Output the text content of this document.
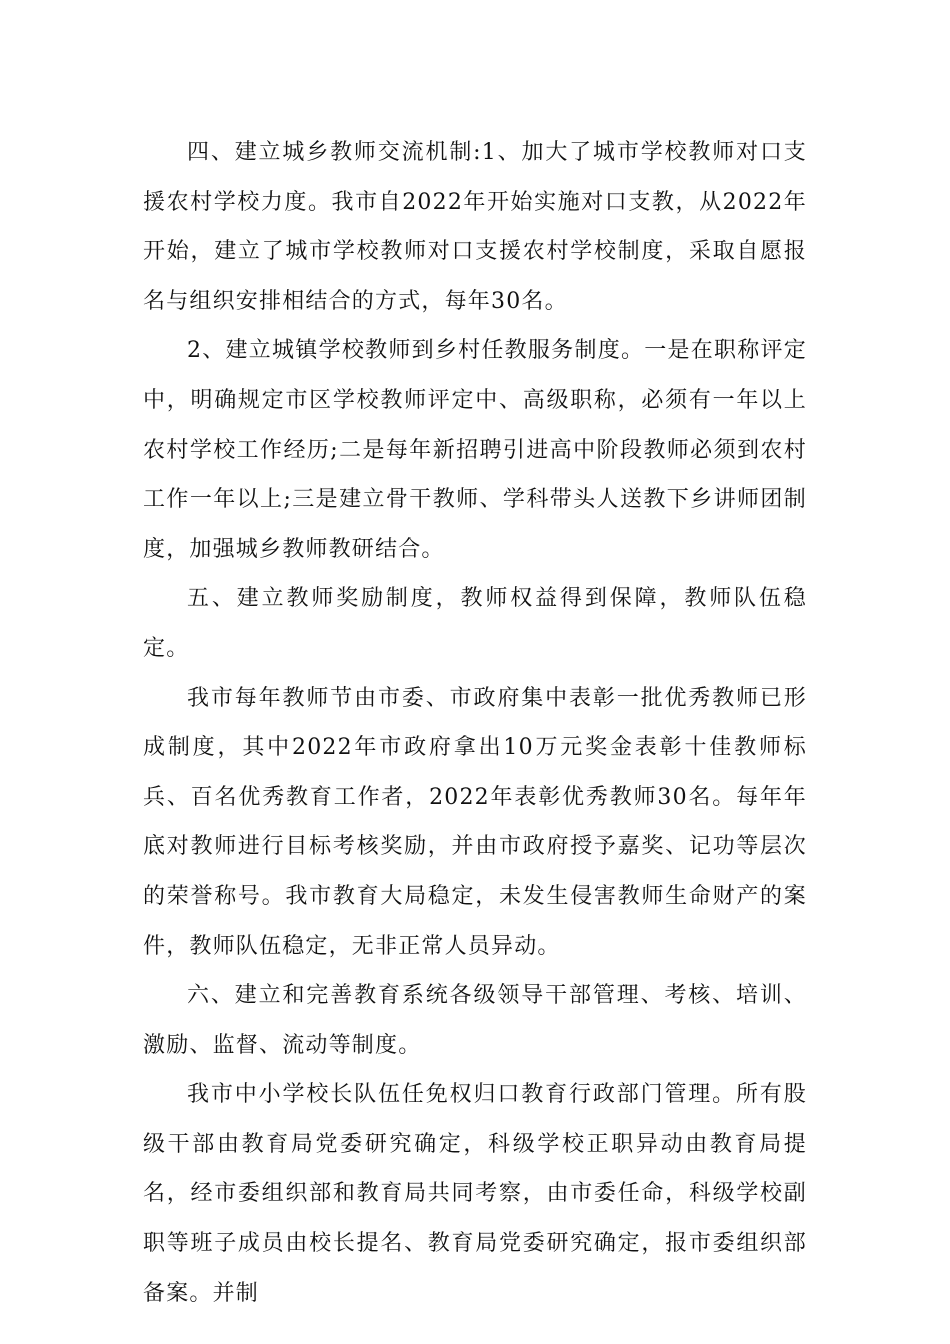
四、建立城乡教师交流机制:1、加大了城市学校教师对口支援农村学校力度。我市自2022年开始实施对口支教，从2022年开始，建立了城市学校教师对口支援农村学校制度，采取自愿报名与组织安排相结合的方式，每年30名。

2、建立城镇学校教师到乡村任教服务制度。一是在职称评定中，明确规定市区学校教师评定中、高级职称，必须有一年以上农村学校工作经历;二是每年新招聘引进高中阶段教师必须到农村工作一年以上;三是建立骨干教师、学科带头人送教下乡讲师团制度，加强城乡教师教研结合。

五、建立教师奖励制度，教师权益得到保障，教师队伍稳定。

我市每年教师节由市委、市政府集中表彰一批优秀教师已形成制度，其中2022年市政府拿出10万元奖金表彰十佳教师标兵、百名优秀教育工作者，2022年表彰优秀教师30名。每年年底对教师进行目标考核奖励，并由市政府授予嘉奖、记功等层次的荣誉称号。我市教育大局稳定，未发生侵害教师生命财产的案件，教师队伍稳定，无非正常人员异动。

六、建立和完善教育系统各级领导干部管理、考核、培训、激励、监督、流动等制度。

我市中小学校长队伍任免权归口教育行政部门管理。所有股级干部由教育局党委研究确定，科级学校正职异动由教育局提名，经市委组织部和教育局共同考察，由市委任命，科级学校副职等班子成员由校长提名、教育局党委研究确定，报市委组织部备案。并制
